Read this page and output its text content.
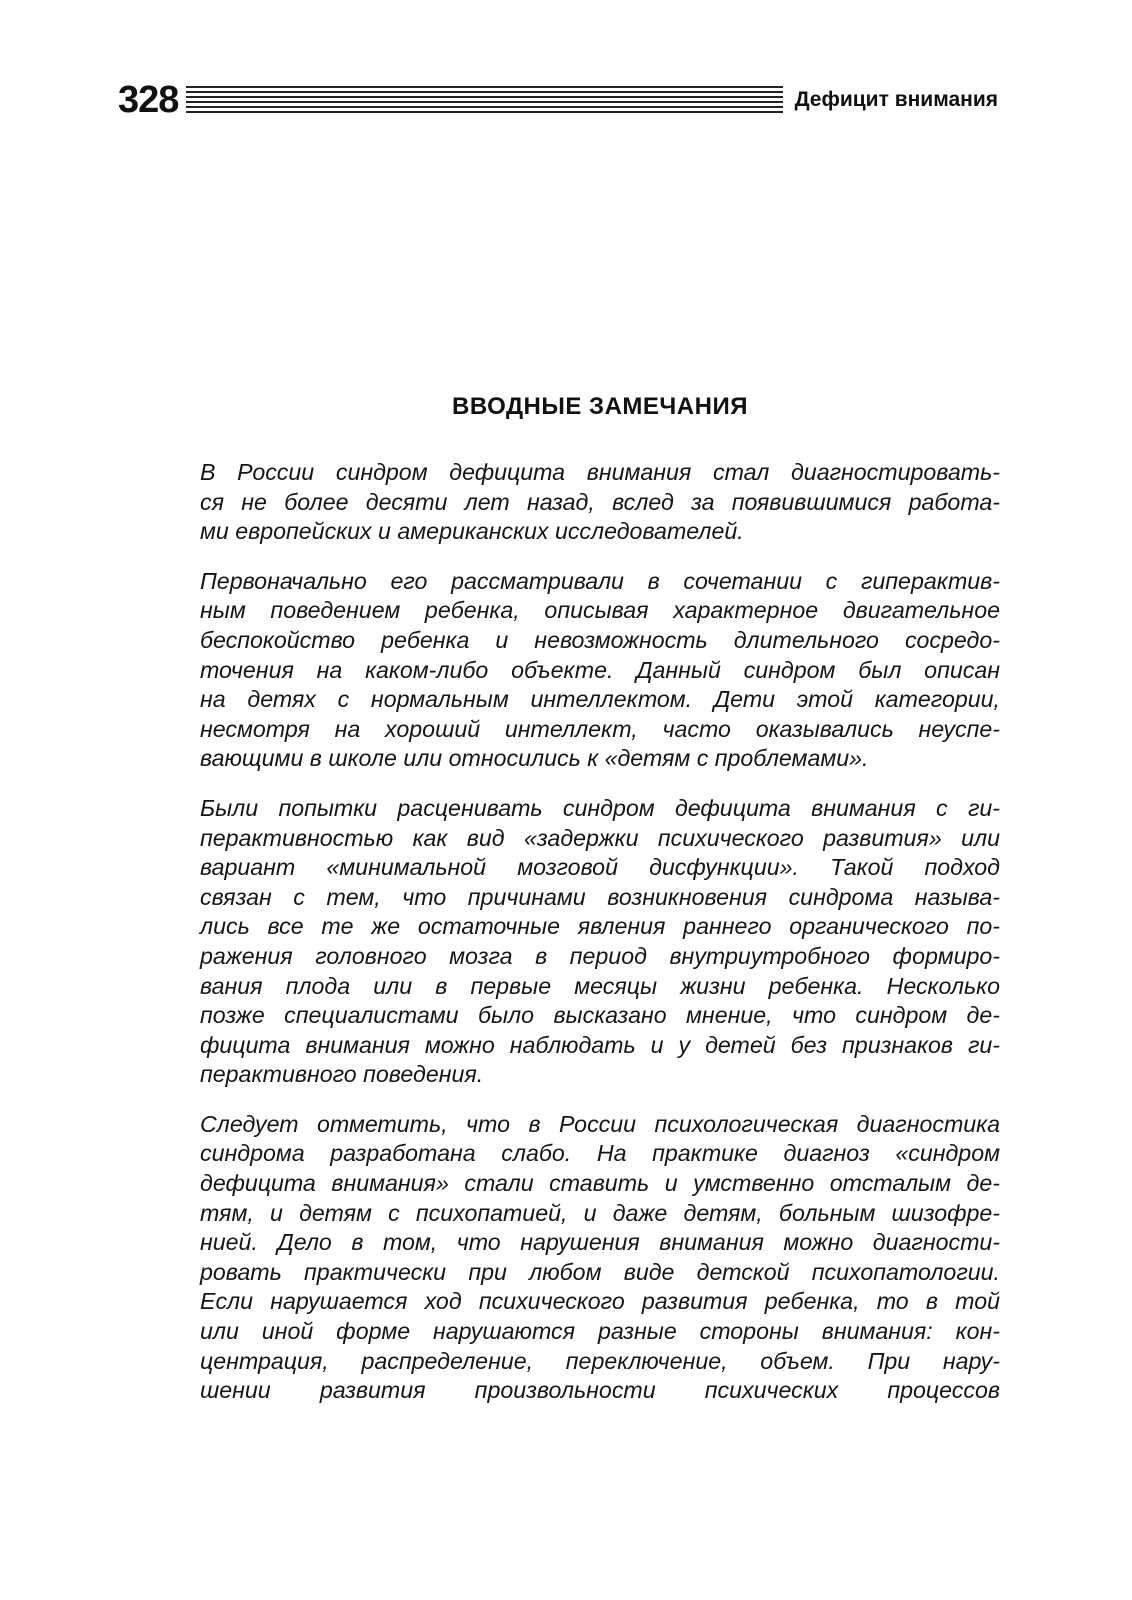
328	Дефицит внимания
ВВОДНЫЕ ЗАМЕЧАНИЯ

В России синдром дефицита внимания стал диагностировать-
ся не более десяти лет назад, вслед за появившимися работа-
ми европейских и американских исследователей.

Первоначально его рассматривали в сочетании с гиперактив-
ным поведением ребенка, описывая характерное двигательное
беспокойство ребенка и невозможность длительного сосредо-
точения на каком-либо объекте. Данный синдром был описан
на детях с нормальным интеллектом. Дети этой категории,
несмотря на хороший интеллект, часто оказывались неуспе-
вающими в школе или относились к «детям с проблемами».

Были попытки расценивать синдром дефицита внимания с ги-
перактивностью как вид «задержки психического развития» или
вариант «минимальной мозговой дисфункции». Такой подход
связан с тем, что причинами возникновения синдрома называ-
лись все те же остаточные явления раннего органического по-
ражения головного мозга в период внутриутробного формиро-
вания плода или в первые месяцы жизни ребенка. Несколько
позже специалистами было высказано мнение, что синдром де-
фицита внимания можно наблюдать и у детей без признаков ги-
перактивного поведения.

Следует отметить, что в России психологическая диагностика
синдрома разработана слабо. На практике диагноз «синдром
дефицита внимания» стали ставить и умственно отсталым де-
тям, и детям с психопатией, и даже детям, больным шизофре-
нией. Дело в том, что нарушения внимания можно диагности-
ровать практически при любом виде детской психопатологии.
Если нарушается ход психического развития ребенка, то в той
или иной форме нарушаются разные стороны внимания: кон-
центрация, распределение, переключение, объем. При нару-
шении развития произвольности психических процессов
